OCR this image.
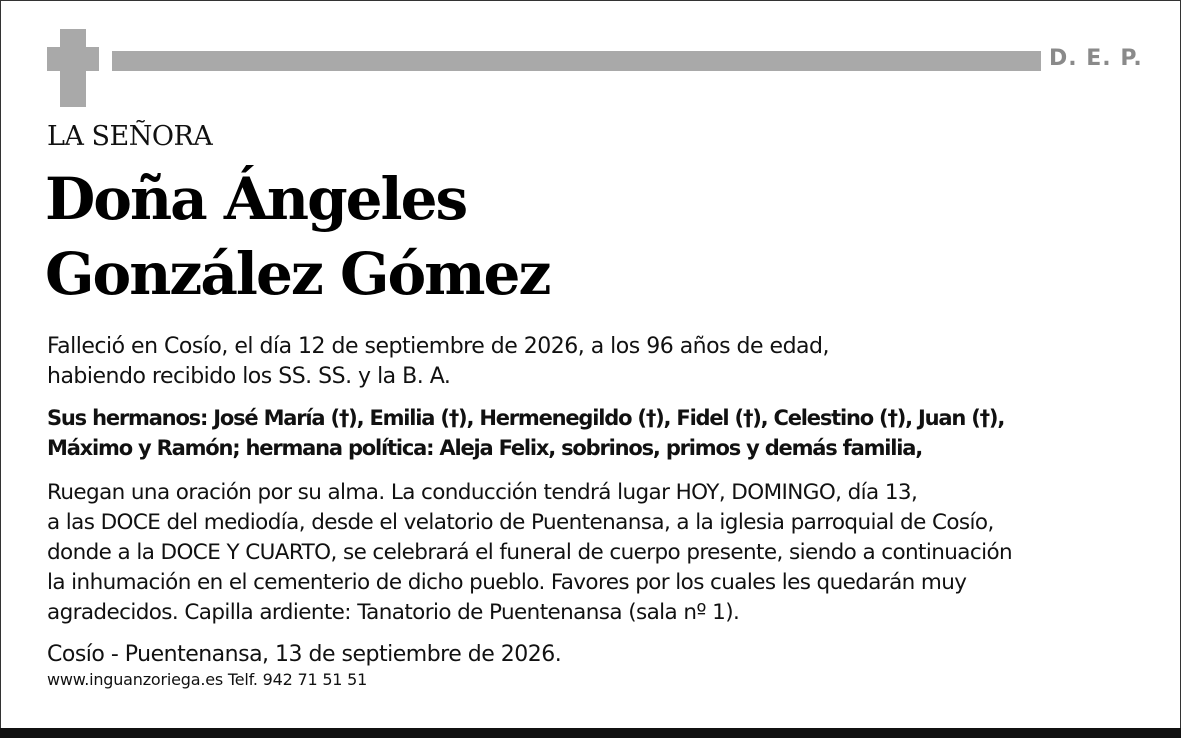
D. E. P.
LA SEÑORA
Doña Ángeles
González Gómez
Falleció en Cosío, el día 12 de septiembre de 2026, a los 96 años de edad,
habiendo recibido los SS. SS. y la B. A.
Sus hermanos: José María (†), Emilia (†), Hermenegildo (†), Fidel (†), Celestino (†), Juan (†),
Máximo y Ramón; hermana política: Aleja Felix, sobrinos, primos y demás familia,
Ruegan una oración por su alma. La conducción tendrá lugar HOY, DOMINGO, día 13,
a las DOCE del mediodía, desde el velatorio de Puentenansa, a la iglesia parroquial de Cosío,
donde a la DOCE Y CUARTO, se celebrará el funeral de cuerpo presente, siendo a continuación
la inhumación en el cementerio de dicho pueblo. Favores por los cuales les quedarán muy
agradecidos. Capilla ardiente: Tanatorio de Puentenansa (sala nº 1).
Cosío - Puentenansa, 13 de septiembre de 2026.
www.inguanzoriega.es Telf. 942 71 51 51
